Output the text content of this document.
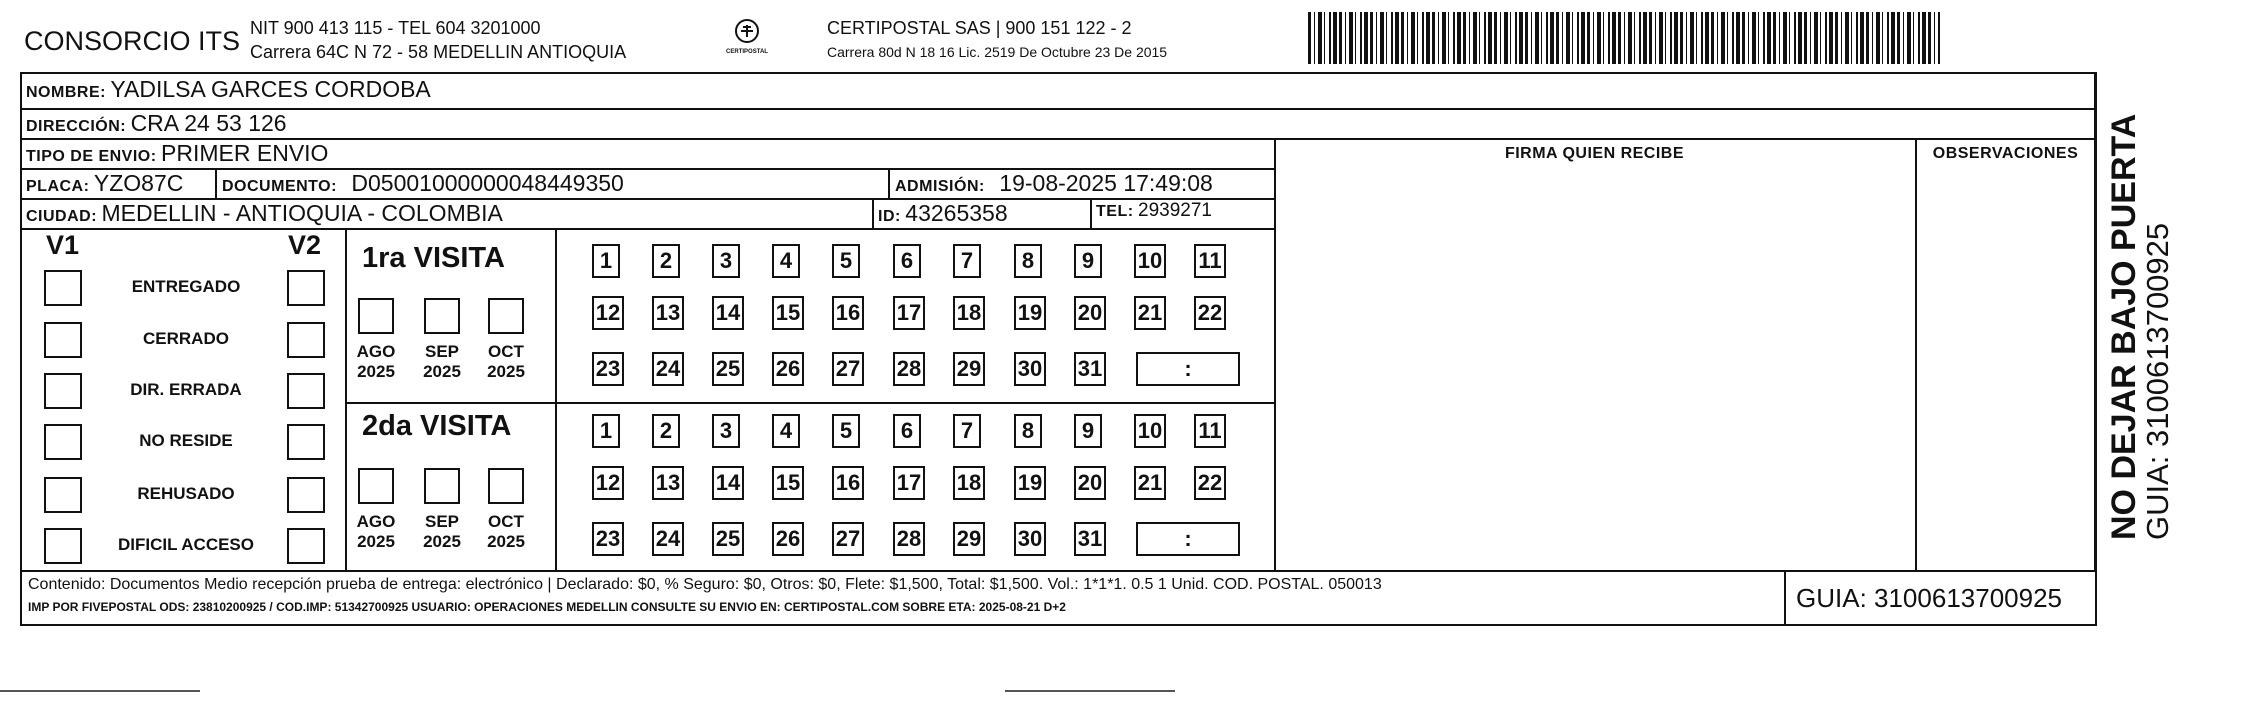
CONSORCIO ITS NIT 900 413 115 - TEL 604 3201000
Carrera 64C N 72 - 58 MEDELLIN ANTIOQUIA	CERTIPOSTAL
CERTIPOSTAL SAS | 900 151 122 - 2
Carrera 80d N 18 16 Lic. 2519 De Octubre 23 De 2015
NOMBRE: YADILSA GARCES CORDOBA
DIRECCIÓN: CRA 24 53 126
TIPO DE ENVIO: PRIMER ENVIO	FIRMA QUIEN RECIBE	OBSERVACIONES
PLACA: YZO87C DOCUMENTO: D050010000000484493​50	ADMISIÓN: 19-08-2025 17:49:08
CIUDAD: MEDELLIN - ANTIOQUIA - COLOMBIA	ID: 43265358	TEL: 2939271
V1	V2
ENTREGADO
CERRADO
DIR. ERRADA
NO RESIDE
REHUSADO
DIFICIL ACCESO
1ra VISITA
2da VISITA
AGO
2025
SEP
2025
OCT
2025
1	2	3	4	5	6	7	8	9	10 11
12 13 14 15 16 17 18 19 20 21 22
23 24 25 26 27 28 29 30 31	:
AGO
2025
SEP
2025
OCT
2025
1	2	3	4	5	6	7	8	9	10 11
12 13 14 15 16 17 18 19 20 21 22
23 24 25 26 27 28 29 30 31	:
Contenido: Documentos Medio recepción prueba de entrega: electrónico | Declarado: $0, % Seguro: $0, Otros: $0, Flete: $1,500, Total: $1,500. Vol.: 1*1*1. 0.5 1 Unid. COD. POSTAL. 050013
IMP POR FIVEPOSTAL ODS: 23810200925 / COD.IMP: 51342700925 USUARIO: OPERACIONES MEDELLIN CONSULTE SU ENVIO EN: CERTIPOSTAL.COM SOBRE ETA: 2025-08-21 D+2	GUIA: 3100613700925
NO DEJAR BAJO PUERTA
GUIA: 3100613700925
